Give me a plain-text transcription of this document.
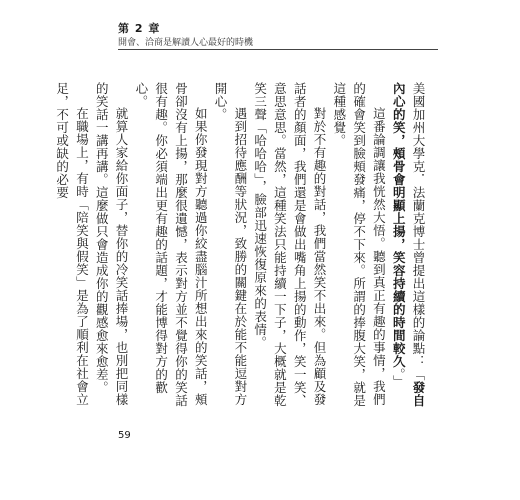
第 2 章
開會、洽商是解讀人心最好的時機

美國加州大學克．法蘭克博士曾提出這樣的論點：「發自內心的笑，頰骨會明顯上揚，笑容持續的時間較久。」

這番論調讓我恍然大悟。聽到真正有趣的事情，我們的確會笑到臉頰發痛，停不下來。所謂的捧腹大笑，就是這種感覺。

對於不有趣的對話，我們當然笑不出來。但為顧及發話者的顏面，我們還是會做出嘴角上揚的動作，笑一笑、意思意思。當然，這種笑法只能持續一下子，大概就是乾笑三聲「哈哈哈」，臉部迅速恢復原來的表情。

遇到招待應酬等狀況，致勝的關鍵在於能不能逗對方開心。

如果你發現對方聽過你絞盡腦汁所想出來的笑話，頰骨卻沒有上揚，那麼很遺憾，表示對方並不覺得你的笑話很有趣。你必須端出更有趣的話題，才能博得對方的歡心。

就算人家給你面子，替你的冷笑話捧場，也別把同樣的笑話一講再講。這麼做只會造成你的觀感愈來愈差。

在職場上，有時「陪笑與假笑」是為了順利在社會立足，不可或缺的必要

59
